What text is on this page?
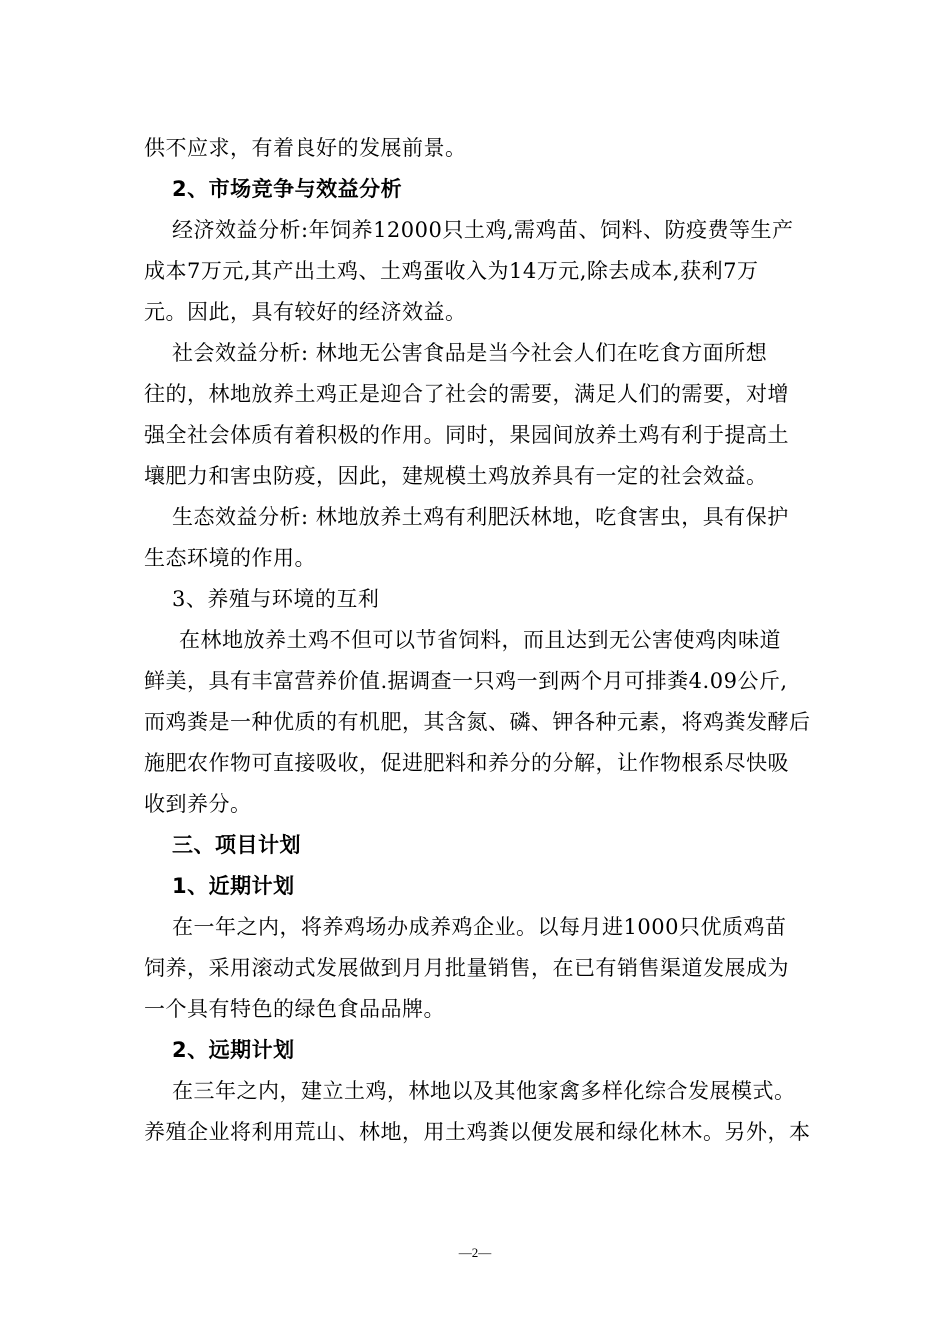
供不应求，有着良好的发展前景。
2、市场竞争与效益分析
经济效益分析:年饲养12000只土鸡,需鸡苗、饲料、防疫费等生产
成本7万元,其产出土鸡、土鸡蛋收入为14万元,除去成本,获利7万
元。因此，具有较好的经济效益。
社会效益分析: 林地无公害食品是当今社会人们在吃食方面所想
往的，林地放养土鸡正是迎合了社会的需要，满足人们的需要，对增
强全社会体质有着积极的作用。同时，果园间放养土鸡有利于提高土
壤肥力和害虫防疫，因此，建规模土鸡放养具有一定的社会效益。
生态效益分析: 林地放养土鸡有利肥沃林地，吃食害虫，具有保护
生态环境的作用。
3、养殖与环境的互利
在林地放养土鸡不但可以节省饲料，而且达到无公害使鸡肉味道
鲜美，具有丰富营养价值.据调查一只鸡一到两个月可排粪4.09公斤,
而鸡粪是一种优质的有机肥，其含氮、磷、钾各种元素，将鸡粪发酵后
施肥农作物可直接吸收，促进肥料和养分的分解，让作物根系尽快吸
收到养分。
三、项目计划
1、近期计划
在一年之内，将养鸡场办成养鸡企业。以每月进1000只优质鸡苗
饲养，采用滚动式发展做到月月批量销售，在已有销售渠道发展成为
一个具有特色的绿色食品品牌。
2、远期计划
在三年之内，建立土鸡，林地以及其他家禽多样化综合发展模式。
养殖企业将利用荒山、林地，用土鸡粪以便发展和绿化林木。另外，本
—2—
